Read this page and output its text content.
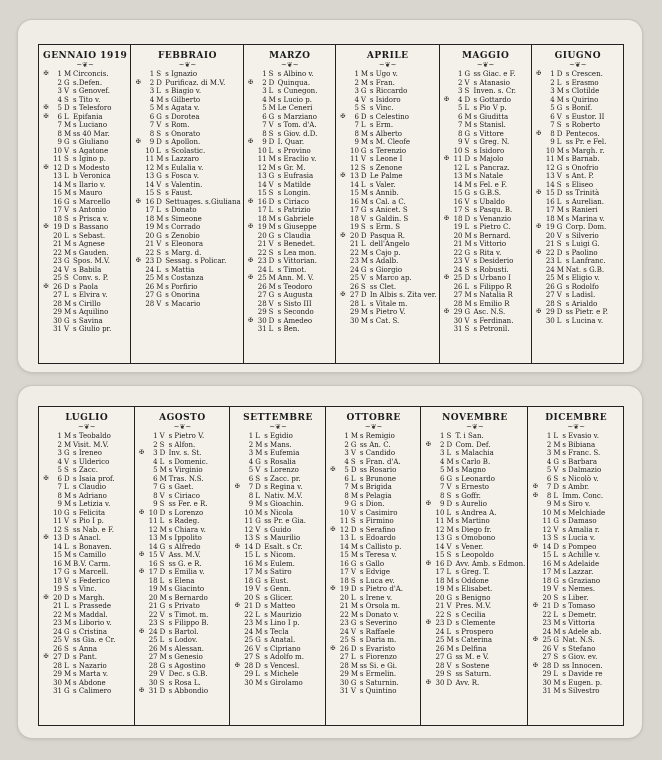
GENNAIO 1919
~❦~
✠	1 M Circoncis.
2 G s.Defen.
3 V s Genovef.
4 S s Tito v.
✠	5 D s Telesforo
✠	6 L Epifania
7 M s Luciano
8 M ss 40 Mar.
9 G s Giuliano
10 V s Agatone
11 S s Igino p.
✠ 12 D s Modesto
13 L b Veronica
14 M s Ilario v.
15 M s Mauro
16 G s Marcello
17 V s Antonio
18 S s Prisca v.
✠ 19 D s Bassano
20 L s Sebast.
21 M s Agnese
22 M s Gauden.
23 G Spos. M.V.
24 V s Babila
25 S Conv. s. P.
✠ 26 D s Paola
27 L s Elvira v.
28 M s Cirillo
29 M s Aquilino
30 G s Savina
31 V s Giulio pr.
FEBBRAIO
~❦~
1 S s Ignazio
✠	2 D Purificaz. di M.V.
3 L s Biagio v.
4 M s Gilberto
5 M s Agata v.
6 G s Dorotea
7 V s Rom.
8 S s Onorato
✠	9 D s Apollon.
10 L s Scolastic.
11 M s Lazzaro
12 M s Eulalia v.
13 G s Fosca v.
14 V s Valentin.
15 S s Faust.
✠ 16 D Settuages. s.Giuliana
17 L s Donato
18 M s Simeone
19 M s Corrado
20 G s Zenobio
21 V s Eleonora
22 S s Marg. d.
✠ 23 D Sessag. s Policar.
24 L s Mattia
25 M s Costanza
26 M s Porfirio
27 G s Onorina
28 V s Macario
MARZO
~❦~
1 S s Albino v.
✠	2 D Quinqua.
3 L s Cunegon.
4 M s Lucio p.
5 M Le Ceneri
6 G s Marziano
7 V s Tom. d'A.
8 S s Giov. d.D.
✠	9 D I. Quar.
10 L s Provino
11 M s Eraclio v.
12 M s Gr. M.
13 G s Eufrasia
14 V s Matilde
15 S s Longin.
✠ 16 D s Ciriaco
17 L s Patrizio
18 M s Gabriele
✠ 19 M s Giuseppe
20 G s Claudia
21 V s Benedet.
22 S s Lea mon.
✠ 23 D s Vittorian.
24 L s Timot.
✠ 25 M Ann. M. V.
26 M s Teodoro
27 G s Augusta
28 V s Sisto III
29 S s Secondo
✠ 30 D s Amedeo
31 L s Ben.
APRILE
~❦~
1 M s Ugo v.
2 M s Fran.
3 G s Riccardo
4 V s Isidoro
5 S s Vinc.
✠	6 D s Celestino
7 L s Erm.
8 M s Alberto
9 M s M. Cleofe
10 G s Terenzio
11 V s Leone I
12 S s Zenone
✠ 13 D Le Palme
14 L s Valer.
15 M s Annib.
16 M s Cal. a C.
17 G s Anicet. S
18 V s Galdin. S
19 S s Erm. S
✠ 20 D Pasqua R.
21 L dell'Angelo
22 M s Cajo p.
23 M s Adalb.
24 G s Giorgio
25 V s Marco ap.
26 S ss Clet.
✠ 27 D In Albis s. Zita ver.
28 L s Vitale m.
29 M s Pietro V.
30 M s Cat. S.
MAGGIO
~❦~
1 G ss Giac. e F.
2 V s Atanasio
3 S Inven. s. Cr.
✠	4 D s Gottardo
5 L s Pio V p.
6 M s Giuditta
7 M s Stanisl.
8 G s Vittore
9 V s Greg. N.
10 S s Isidoro
✠ 11 D s Majolo
12 L s Pancraz.
13 M s Natale
14 M s Fel. e F.
15 G s G.B.S.
16 V s Ubaldo
17 S s Pasqu. B.
✠ 18 D s Venanzio
19 L s Pietro C.
20 M s Bernard.
21 M s Vittorio
22 G s Rita v.
23 V s Desiderio
24 S s Robusti.
✠ 25 D s Urbano I
26 L s Filippo R
27 M s Natalia R
28 M s Emilio R
✠ 29 G Asc. N.S.
30 V s Ferdinan.
31 S s Petronil.
GIUGNO
~❦~
✠	1 D s Crescen.
2 L s Erasmo
3 M s Clotilde
4 M s Quirino
5 G s Bonif.
6 V s Eustor. II
7 S s Roberto
✠	8 D Pentecos.
9 L ss Pr. e Fel.
10 M s Margh. r.
11 M s Barnab.
12 G s Onofrio
13 V s Ant. P.
14 S s Eliseo
✠ 15 D ss Trinità
16 L s Aurelian.
17 M s Ranieri
18 M s Marina v.
✠ 19 G Corp. Dom.
20 V s Silverio
21 S s Luigi G.
✠ 22 D s Paolino
23 L s Lanfranc.
24 M Nat. s G.B.
25 M s Eligio v.
26 G s Rodolfo
27 V s Ladisl.
28 S s Arialdo
✠ 29 D ss Pietr. e P.
30 L s Lucina v.
LUGLIO
~❦~
1 M s Teobaldo
2 M Visit. M.V.
3 G s Ireneo
4 V s Ulderico
5 S s Zacc.
✠	6 D s Isaia prof.
7 L s Claudio
8 M s Adriano
9 M s Letizia v.
10 G s Felicita
11 V s Pio I p.
12 S ss Nab. e F.
✠ 13 D s Anacl.
14 L s Bonaven.
15 M s Camillo
16 M B.V. Carm.
17 G s Marcell.
18 V s Federico
19 S s Vinc.
✠ 20 D s Margh.
21 L s Prassede
22 M s Maddal.
23 M s Liborio v.
24 G s Cristina
25 V ss Gia. e Cr.
26 S s Anna
✠ 27 D s Pant.
28 L s Nazario
29 M s Marta v.
30 M s Abdone
31 G s Calimero
AGOSTO
~❦~
1 V s Pietro V.
2 S s Alfon.
✠	3 D Inv. s. St.
4 L s Domenic.
5 M s Virginio
6 M Tras. N.S.
7 G s Gaet.
8 V s Ciriaco
9 S ss Fer. e R.
✠ 10 D s Lorenzo
11 L s Radeg.
12 M s Chiara v.
13 M s Ippolito
14 G s Alfredo
✠ 15 V Ass. M.V.
16 S ss G. e R.
✠ 17 D s Emilia v.
18 L s Elena
19 M s Giacinto
20 M s Bernardo
21 G s Privato
22 V s Timot. m.
23 S s Filippo B.
✠ 24 D s Bartol.
25 L s Lodov.
26 M s Alessan.
27 M s Genesio
28 G s Agostino
29 V Dec. s G.B.
30 S s Rosa L.
✠ 31 D s Abbondio
SETTEMBRE
~❦~
1 L s Egidio
2 M s Mans.
3 M s Eufemia
4 G s Rosalia
5 V s Lorenzo
6 S s Zacc. pr.
✠	7 D s Regina v.
8 L Nativ. M.V.
9 M s Gioachin.
10 M s Nicola
11 G ss Pr. e Gia.
12 V s Guido
13 S s Maurilio
✠ 14 D Esalt. s Cr.
15 L s Nicom.
16 M s Eulem.
17 M s Satiro
18 G s Eust.
19 V s Genn.
20 S s Glicer.
✠ 21 D s Matteo
22 L s Maurizio
23 M s Lino I p.
24 M s Tecla
25 G s Anatal.
26 V s Cipriano
27 S s Adolfo m.
✠ 28 D s Vencesl.
29 L s Michele
30 M s Girolamo
OTTOBRE
~❦~
1 M s Remigio
2 G ss An. C.
3 V s Candido
4 S s Fran. d'A.
✠	5 D ss Rosario
6 L s Brunone
7 M s Brigida
8 M s Pelagia
9 G s Dion.
10 V s Casimiro
11 S s Firmino
✠ 12 D s Serafino
13 L s Edoardo
14 M s Callisto p.
15 M s Teresa v.
16 G s Gallo
17 V s Edvige
18 S s Luca ev.
✠ 19 D s Pietro d'A.
20 L s Irene v.
21 M s Orsola m.
22 M s Donato v.
23 G s Severino
24 V s Raffaele
25 S s Daria m.
✠ 26 D s Evaristo
27 L s Fiorenzo
28 M ss Si. e Gi.
29 M s Ermelin.
30 G s Saturnin.
31 V s Quintino
NOVEMBRE
~❦~
1 S T. i San.
✠	2 D Com. Def.
3 L s Malachia
4 M s Carlo B.
5 M s Magno
6 G s Leonardo
7 V s Ernesto
8 S s Goffr.
✠	9 D s Aurelio
10 L s Andrea A.
11 M s Martino
12 M s Diego fr.
13 G s Omobono
14 V s Vener.
15 S s Leopoldo
✠ 16 D Avv. Amb. s Edmon.
17 L s Greg. T.
18 M s Oddone
19 M s Elisabet.
20 G s Benigno
21 V Pres. M.V.
22 S s Cecilia
✠ 23 D s Clemente
24 L s Prospero
25 M s Caterina
26 M s Delfina
27 G ss M. e V.
28 V s Sostene
29 S ss Saturn.
✠ 30 D Avv. R.
DICEMBRE
~❦~
1 L s Evasio v.
2 M s Bibiana
3 M s Franc. S.
4 G s Barbara
5 V s Dalmazio
6 S s Nicolò v.
✠	7 D s Ambr.
✠	8 L Imm. Conc.
9 M s Siro v.
10 M s Melchiade
11 G s Damaso
12 V s Amalia r.
13 S s Lucia v.
✠ 14 D s Pompeo
15 L s Achille v.
16 M s Adelaide
17 M s Lazzar.
18 G s Graziano
19 V s Nemes.
20 S s Liber.
✠ 21 D s Tomaso
22 L s Demetr.
23 M s Vittoria
24 M s Adele ab.
✠ 25 G Nat. N.S.
26 V s Stefano
27 S s Giov. ev.
✠ 28 D ss Innocen.
29 L s Davide re
30 M s Eugen. p.
31 M s Silvestro
